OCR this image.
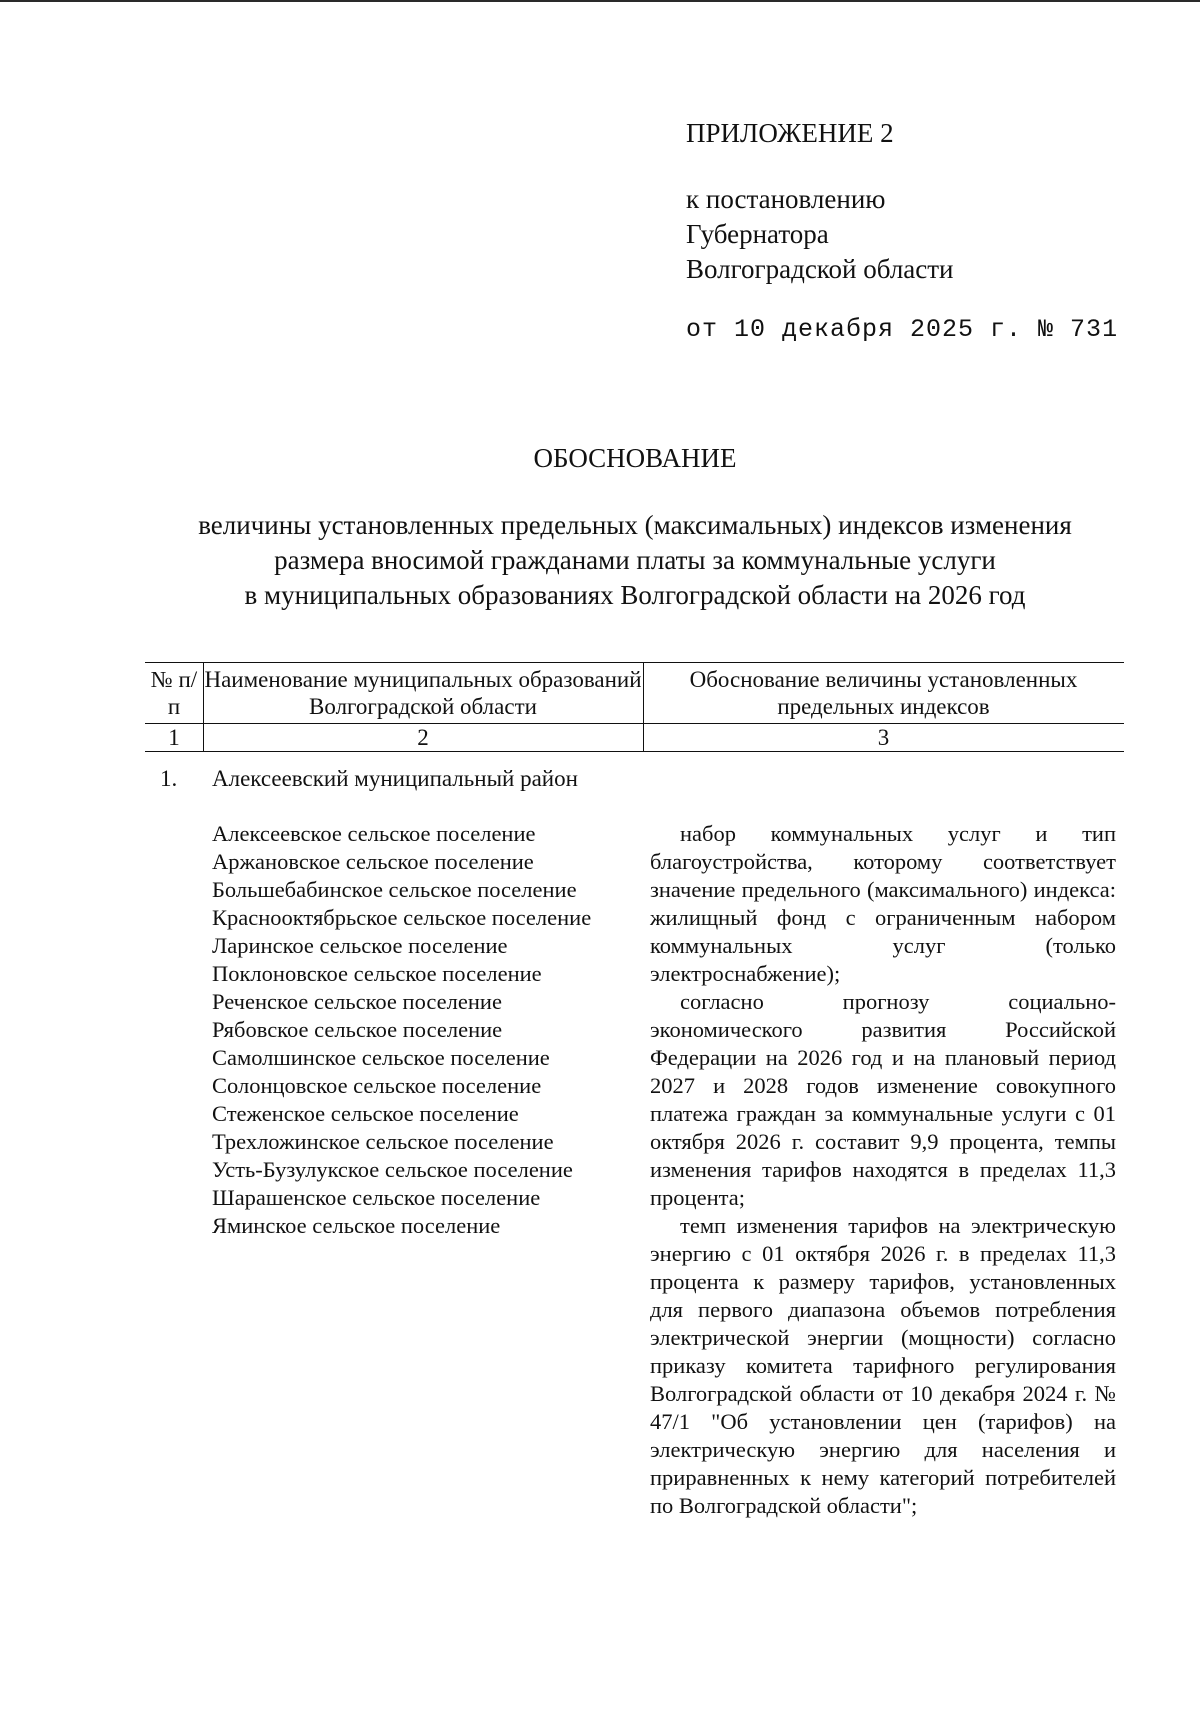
ПРИЛОЖЕНИЕ 2
к постановлению
Губернатора
Волгоградской области
от 10 декабря 2025 г. № 731
ОБОСНОВАНИЕ
величины установленных предельных (максимальных) индексов изменения
размера вносимой гражданами платы за коммунальные услуги
в муниципальных образованиях Волгоградской области на 2026 год
№ п/п
Наименование муниципальных образований Волгоградской области
Обоснование величины установленных предельных индексов
1	2	3
1. Алексеевский муниципальный район
Алексеевское сельское поселение
Аржановское сельское поселение
Большебабинское сельское поселение
Краснооктябрьское сельское поселение
Ларинское сельское поселение
Поклоновское сельское поселение
Реченское сельское поселение
Рябовское сельское поселение
Самолшинское сельское поселение
Солонцовское сельское поселение
Стеженское сельское поселение
Трехложинское сельское поселение
Усть-Бузулукское сельское поселение
Шарашенское сельское поселение
Яминское сельское поселение

набор коммунальных услуг и тип благоустройства, которому соответствует значение предельного (максимального) индекса: жилищный фонд с ограниченным набором коммунальных услуг (только электроснабжение);

согласно прогнозу социально-экономического развития Российской Федерации на 2026 год и на плановый период 2027 и 2028 годов изменение совокупного платежа граждан за коммунальные услуги с 01 октября 2026 г. составит 9,9 процента, темпы изменения тарифов находятся в пределах 11,3 процента;

темп изменения тарифов на электрическую энергию с 01 октября 2026 г. в пределах 11,3 процента к размеру тарифов, установленных для первого диапазона объемов потребления электрической энергии (мощности) согласно приказу комитета тарифного регулирования Волгоградской области от 10 декабря 2024 г. № 47/1 "Об установлении цен (тарифов) на электрическую энергию для населения и приравненных к нему категорий потребителей по Волгоградской области";
